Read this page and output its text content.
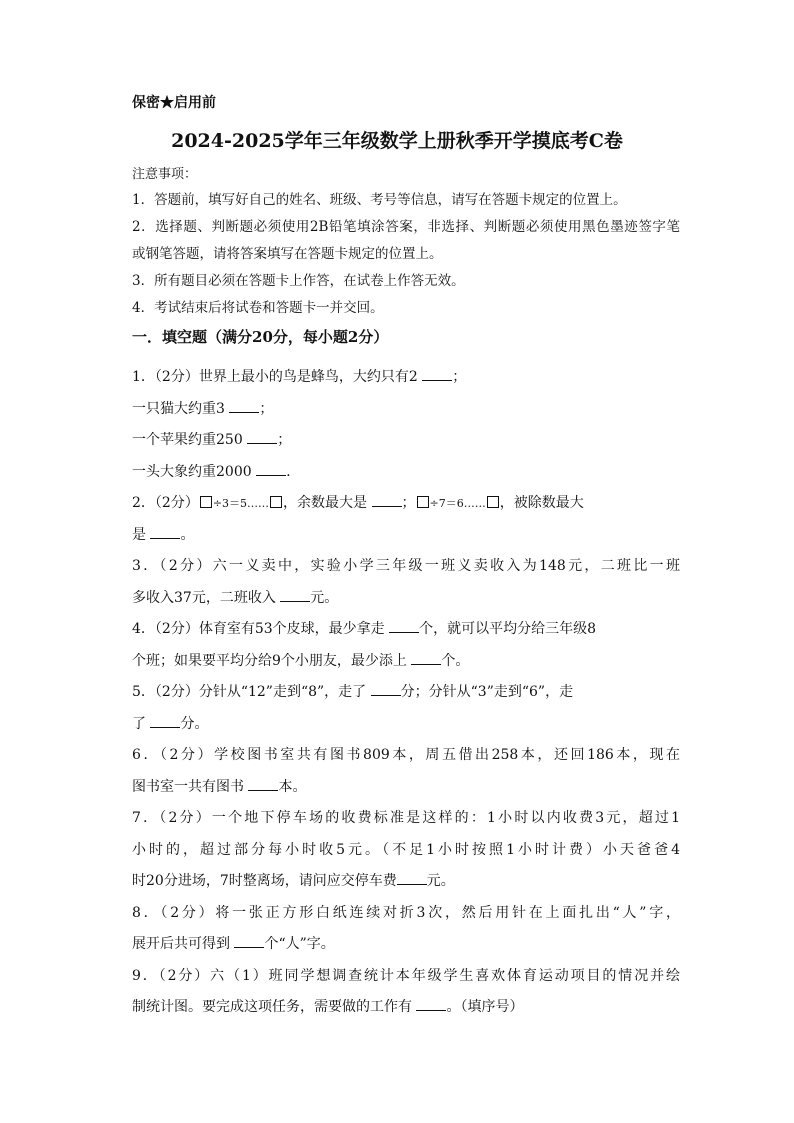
保密★启用前
2024-2025学年三年级数学上册秋季开学摸底考C卷
注意事项：
1．答题前，填写好自己的姓名、班级、考号等信息，请写在答题卡规定的位置上。
2．选择题、判断题必须使用2B铅笔填涂答案，非选择、判断题必须使用黑色墨迹签字笔
或钢笔答题，请将答案填写在答题卡规定的位置上。
3．所有题目必须在答题卡上作答，在试卷上作答无效。
4．考试结束后将试卷和答题卡一并交回。
一．填空题（满分20分，每小题2分）
1．（2分）世界上最小的鸟是蜂鸟，大约只有2 ；
一只猫大约重3 ；
一个苹果约重250 ；
一头大象约重2000 .
2．（2分） ÷3＝5…… ，余数最大是 ； ÷7＝6…… ，被除数最大
是 。
3．（2分）六一义卖中，实验小学三年级一班义卖收入为148元，二班比一班
多收入37元，二班收入 元。
4．（2分）体育室有53个皮球，最少拿走 个，就可以平均分给三年级8
个班；如果要平均分给9个小朋友，最少添上 个。
5．（2分）分针从“12”走到“8”，走了 分；分针从“3”走到“6”，走
了 分。
6．（2分）学校图书室共有图书809本，周五借出258本，还回186本，现在
图书室一共有图书 本。
7．（2分）一个地下停车场的收费标准是这样的：1小时以内收费3元，超过1
小时的，超过部分每小时收5元。（不足1小时按照1小时计费）小天爸爸4
时20分进场，7时整离场，请问应交停车费 元。
8．（2分）将一张正方形白纸连续对折3次，然后用针在上面扎出“人”字，
展开后共可得到 个“人”字。
9．（2分）六（1）班同学想调查统计本年级学生喜欢体育运动项目的情况并绘
制统计图。要完成这项任务，需要做的工作有 。（填序号）
